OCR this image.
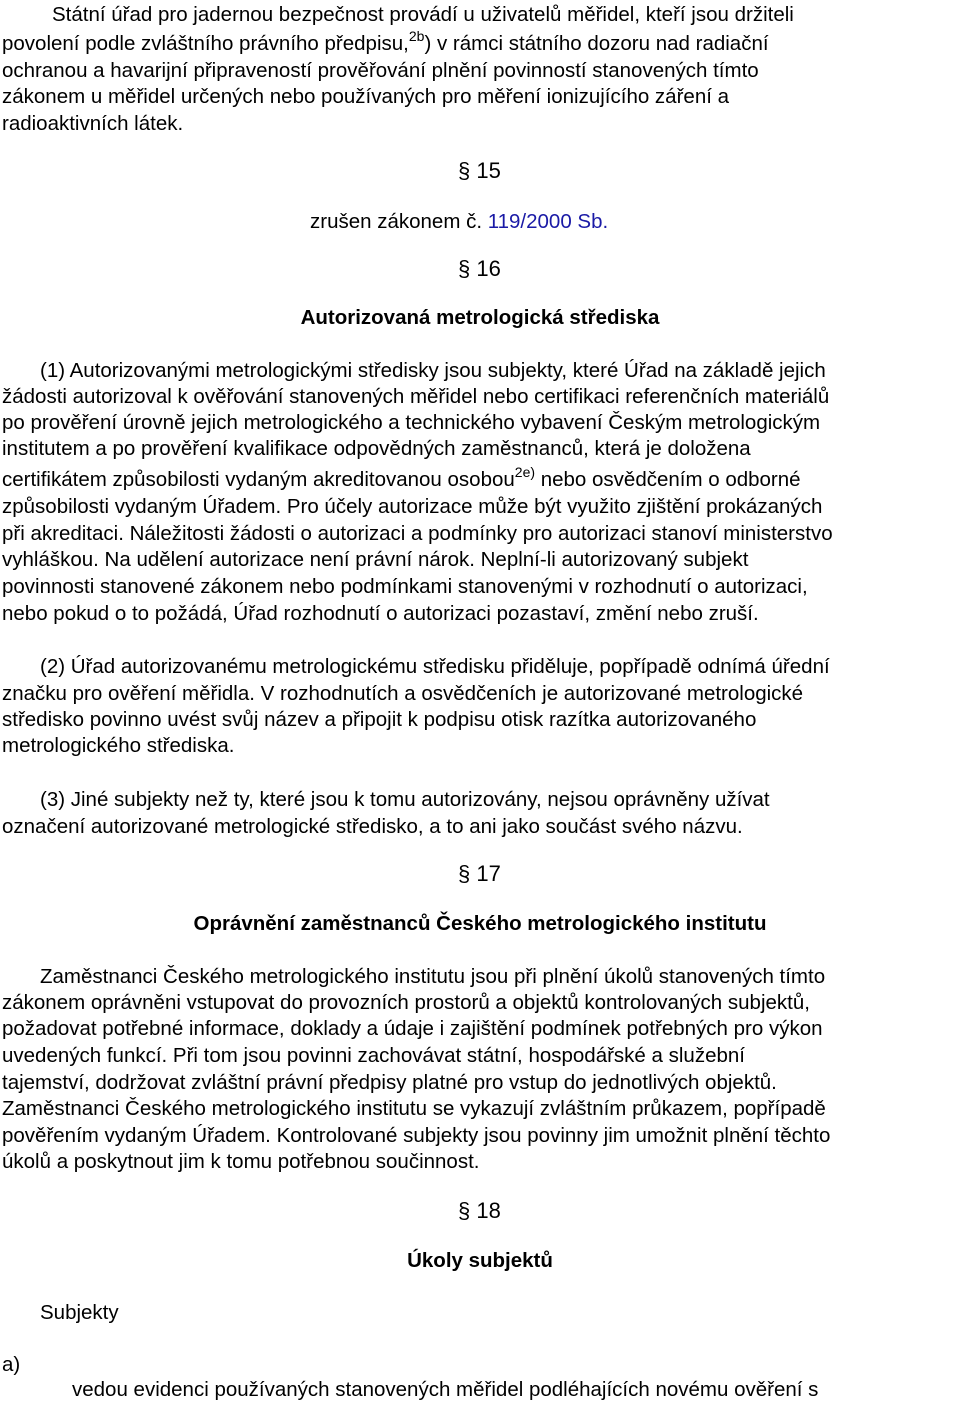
Státní úřad pro jadernou bezpečnost provádí u uživatelů měřidel, kteří jsou držiteli
povolení podle zvláštního právního předpisu,$^{2b}$) v rámci státního dozoru nad radiační
ochranou a havarijní připraveností prověřování plnění povinností stanovených tímto
zákonem u měřidel určených nebo používaných pro měření ionizujícího záření a
radioaktivních látek.
§ 15
zrušen zákonem č. 119/2000 Sb.
§ 16
Autorizovaná metrologická střediska
(1) Autorizovanými metrologickými středisky jsou subjekty, které Úřad na základě jejich
žádosti autorizoval k ověřování stanovených měřidel nebo certifikaci referenčních materiálů
po prověření úrovně jejich metrologického a technického vybavení Českým metrologickým
institutem a po prověření kvalifikace odpovědných zaměstnanců, která je doložena
certifikátem způsobilosti vydaným akreditovanou osobou$^{2e)}$ nebo osvědčením o odborné
způsobilosti vydaným Úřadem. Pro účely autorizace může být využito zjištění prokázaných
při akreditaci. Náležitosti žádosti o autorizaci a podmínky pro autorizaci stanoví ministerstvo
vyhláškou. Na udělení autorizace není právní nárok. Neplní-li autorizovaný subjekt
povinnosti stanovené zákonem nebo podmínkami stanovenými v rozhodnutí o autorizaci,
nebo pokud o to požádá, Úřad rozhodnutí o autorizaci pozastaví, změní nebo zruší.
(2) Úřad autorizovanému metrologickému středisku přiděluje, popřípadě odnímá úřední
značku pro ověření měřidla. V rozhodnutích a osvědčeních je autorizované metrologické
středisko povinno uvést svůj název a připojit k podpisu otisk razítka autorizovaného
metrologického střediska.
(3) Jiné subjekty než ty, které jsou k tomu autorizovány, nejsou oprávněny užívat
označení autorizované metrologické středisko, a to ani jako součást svého názvu.
§ 17
Oprávnění zaměstnanců Českého metrologického institutu
Zaměstnanci Českého metrologického institutu jsou při plnění úkolů stanovených tímto
zákonem oprávněni vstupovat do provozních prostorů a objektů kontrolovaných subjektů,
požadovat potřebné informace, doklady a údaje i zajištění podmínek potřebných pro výkon
uvedených funkcí. Při tom jsou povinni zachovávat státní, hospodářské a služební
tajemství, dodržovat zvláštní právní předpisy platné pro vstup do jednotlivých objektů.
Zaměstnanci Českého metrologického institutu se vykazují zvláštním průkazem, popřípadě
pověřením vydaným Úřadem. Kontrolované subjekty jsou povinny jim umožnit plnění těchto
úkolů a poskytnout jim k tomu potřebnou součinnost.
§ 18
Úkoly subjektů
Subjekty
a)
vedou evidenci používaných stanovených měřidel podléhajících novému ověření s
